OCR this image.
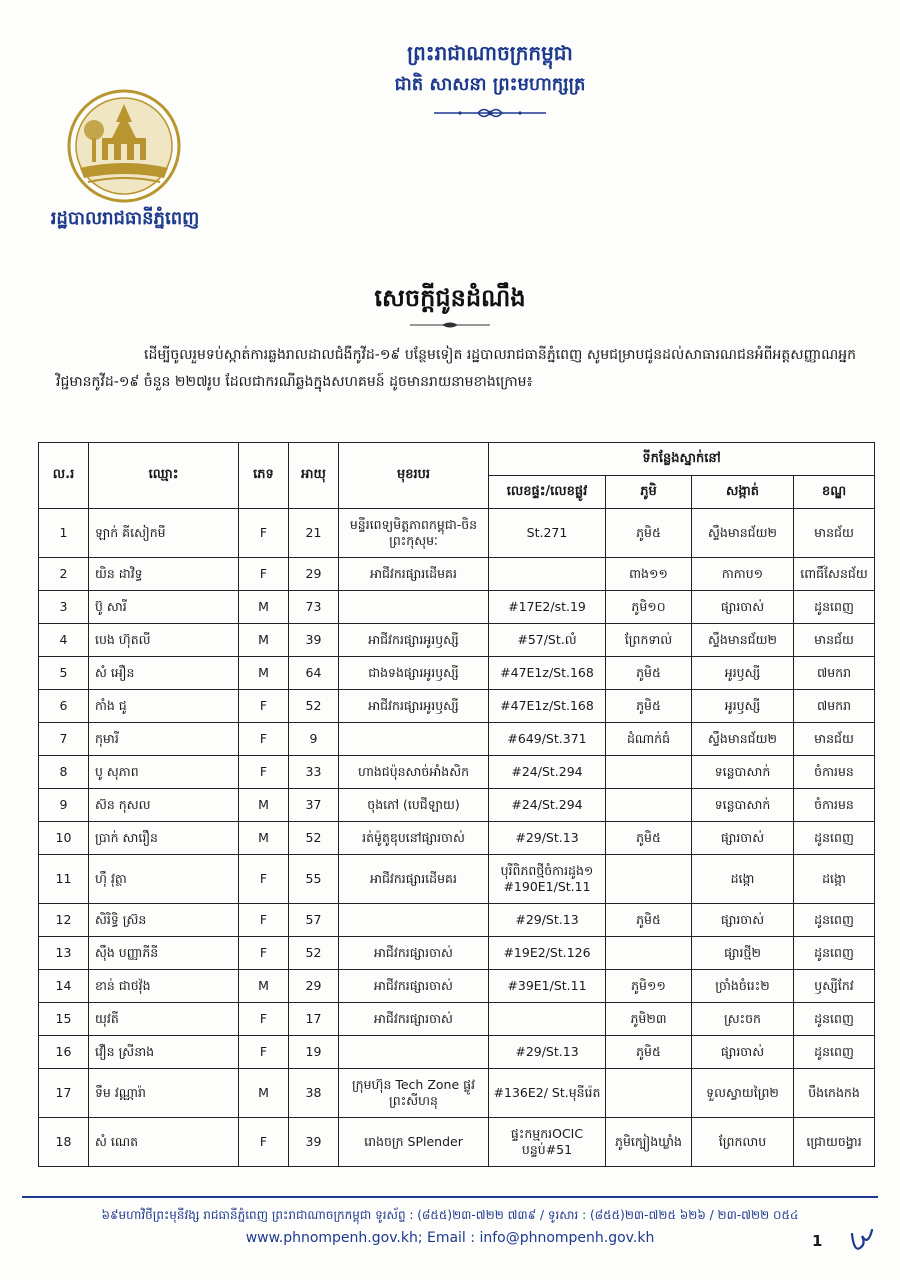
ព្រះរាជាណាចក្រកម្ពុជា
ជាតិ សាសនា ព្រះមហាក្សត្រ
រដ្ឋបាលរាជធានីភ្នំពេញ
សេចក្ដីជូនដំណឹង
ដើម្បីចូលរួមទប់ស្កាត់ការឆ្លងរាលដាលជំងឺកូវីដ-១៩ បន្ថែមទៀត រដ្ឋបាលរាជធានីភ្នំពេញ សូមជម្រាបជូនដល់សាធារណជនអំពីអត្តសញ្ញាណអ្នកវិជ្ជមានកូវីដ-១៩ ចំនួន ២២៧រូប ដែលជាករណីឆ្លងក្នុងសហគមន៍ ដូចមានរាយនាមខាងក្រោម៖
ល.រ	ឈ្មោះ	ភេទ	អាយុ	មុខរបរ	ទីកន្លែងស្នាក់នៅ			
					លេខផ្ទះ/លេខផ្លូវ	ភូមិ	សង្កាត់	ខណ្ឌ
1	ឡាក់ គីសៀកមី	F	21	មន្ទីរពេទ្យមិត្តភាពកម្ពុជា-ចិនព្រះកុសុមៈ	St.271	ភូមិ៥	ស្ទឹងមានជ័យ២	មានជ័យ
2	យិន ដាវិទ្ធ	F	29	អាជីវករផ្សារដើមគរ		ពាង១១	កាកាប១	ពោធិ៍សែនជ័យ
3	ប៊ូ សារី	M	73		#17E2/st.19	ភូមិ១០	ផ្សារចាស់	ដូនពេញ
4	បេង ហ៊ុតលី	M	39	អាជីវករផ្សារអូរឫស្សី	#57/St.លំ	ព្រែកទាល់	ស្ទឹងមានជ័យ២	មានជ័យ
5	សំ អឿន	M	64	ជាងទងផ្សារអូរឫស្សី	#47E1z/St.168	ភូមិ៥	អូរឫស្សី	៧មករា
6	កាំង ជូ	F	52	អាជីវករផ្សារអូរឫស្សី	#47E1z/St.168	ភូមិ៥	អូរឫស្សី	៧មករា
7	កុមារី	F	9		#649/St.371	ដំណាក់ធំ	ស្ទឹងមានជ័យ២	មានជ័យ
8	បូ សុភាព	F	33	ហាងជប៉ុនសាច់អាំងសិក	#24/St.294		ទន្លេបាសាក់	ចំការមន
9	ស៊ន កុសល	M	37	ចុងភៅ (បេជីឡាយ)	#24/St.294		ទន្លេបាសាក់	ចំការមន
10	ប្រាក់ សារឿន	M	52	រត់ម៉ូតូឌុបនៅផ្សារចាស់	#29/St.13	ភូមិ៥	ផ្សារចាស់	ដូនពេញ
11	ហ៊ឹ វុត្ថា	F	55	អាជីវករផ្សារដើមគរ	បុរីពិភពថ្មីចំការដូង១ #190E1/St.11		ដង្កោ	ដង្កោ
12	សិរិទ្ធិ ស្រ៊ន	F	57		#29/St.13	ភូមិ៥	ផ្សារចាស់	ដូនពេញ
13	ស៊ឹង បញ្ញាភីនី	F	52	អាជីវករផ្សារចាស់	#19E2/St.126		ផ្សារថ្មី២	ដូនពេញ
14	ខាន់ ជាថវ៉ុង	M	29	អាជីវករផ្សារចាស់	#39E1/St.11	ភូមិ១១	ច្រាំងចំរេះ២	ឫស្សីកែវ
15	យុវតី	F	17	អាជីវករផ្សារចាស់		ភូមិ២៣	ស្រះចក	ដូនពេញ
16	វឿន ស្រីនាង	F	19		#29/St.13	ភូមិ៥	ផ្សារចាស់	ដូនពេញ
17	ទឹម វណ្ណារ៉ា	M	38	ក្រុមហ៊ុន Tech Zone ផ្លូវព្រះសីហនុ	#136E2/ St.មុនីរ៉េត		ទួលស្វាយព្រៃ២	បឹងកេងកង
18	សំ ណេត	F	39	រោងចក្រ SPlender	ផ្ទះកម្មករOCIC បន្ទប់#51	ភូមិក្បៀងឃ្លាំង	ព្រែកលាប	ជ្រោយចង្វារ
៦៩មហាវិថីព្រះមុនីវង្ស រាជធានីភ្នំពេញ ព្រះរាជាណាចក្រកម្ពុជា ទូរស័ព្ទ : (៨៥៥)២៣-៧២២ ៧៣៩ / ទូរសារ : (៨៥៥)២៣-៧២៥ ៦២៦ / ២៣-៧២២ ០៥៤
www.phnompenh.gov.kh; Email : info@phnompenh.gov.kh	1
